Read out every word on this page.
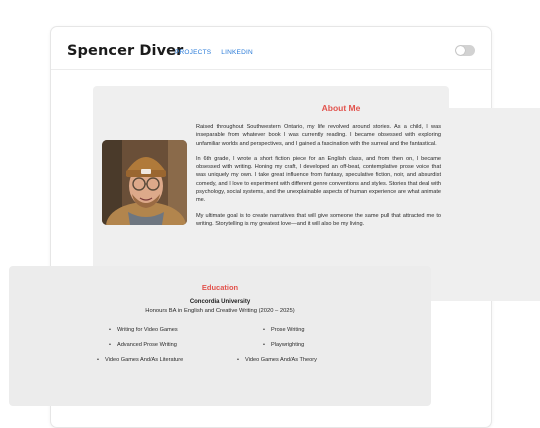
Spencer Diver
PROJECTS LINKEDIN
About Me

Raised throughout Southwestern Ontario, my life revolved around stories. As a child, I was inseparable from whatever book I was currently reading. I became obsessed with exploring unfamiliar worlds and perspectives, and I gained a fascination with the surreal and the fantastical.

In 6th grade, I wrote a short fiction piece for an English class, and from then on, I became obsessed with writing. Honing my craft, I developed an off-beat, contemplative prose voice that was uniquely my own. I take great influence from fantasy, speculative fiction, noir, and absurdist comedy, and I love to experiment with different genre conventions and styles. Stories that deal with psychology, social systems, and the unexplainable aspects of human experience are what animate me.

My ultimate goal is to create narratives that will give someone the same pull that attracted me to writing. Storytelling is my greatest love—and it will also be my living.

Education
Concordia University
Honours BA in English and Creative Writing (2020 – 2025)
• Writing for Video Games	• Prose Writing
• Advanced Prose Writing	• Playwrighting
• Video Games And/As Literature	• Video Games And/As Theory
